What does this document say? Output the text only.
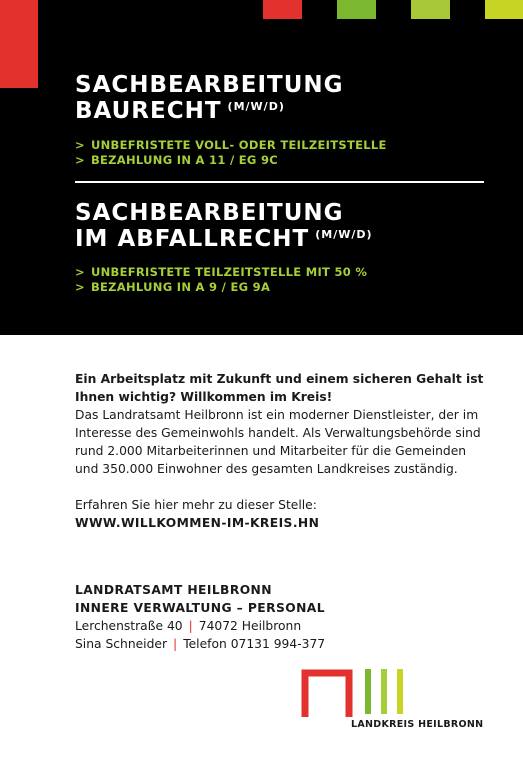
SACHBEARBEITUNG
BAURECHT $^{(M/W/D)}$
> UNBEFRISTETE VOLL- ODER TEILZEITSTELLE
> BEZAHLUNG IN A 11 / EG 9C
SACHBEARBEITUNG
IM ABFALLRECHT $^{(M/W/D)}$
> UNBEFRISTETE TEILZEITSTELLE MIT 50 %
> BEZAHLUNG IN A 9 / EG 9A

Ein Arbeitsplatz mit Zukunft und einem sicheren Gehalt ist Ihnen wichtig? Willkommen im Kreis!

Das Landratsamt Heilbronn ist ein moderner Dienstleister, der im Interesse des Gemeinwohls handelt. Als Verwaltungsbehörde sind rund 2.000 Mitarbeiterinnen und Mitarbeiter für die Gemeinden und 350.000 Einwohner des gesamten Landkreises zuständig.

Erfahren Sie hier mehr zu dieser Stelle:

WWW.WILLKOMMEN-IM-KREIS.HN

LANDRATSAMT HEILBRONN

INNERE VERWALTUNG – PERSONAL

Lerchenstraße 40 | 74072 Heilbronn

Sina Schneider | Telefon 07131 994-377

LANDKREIS HEILBRONN
